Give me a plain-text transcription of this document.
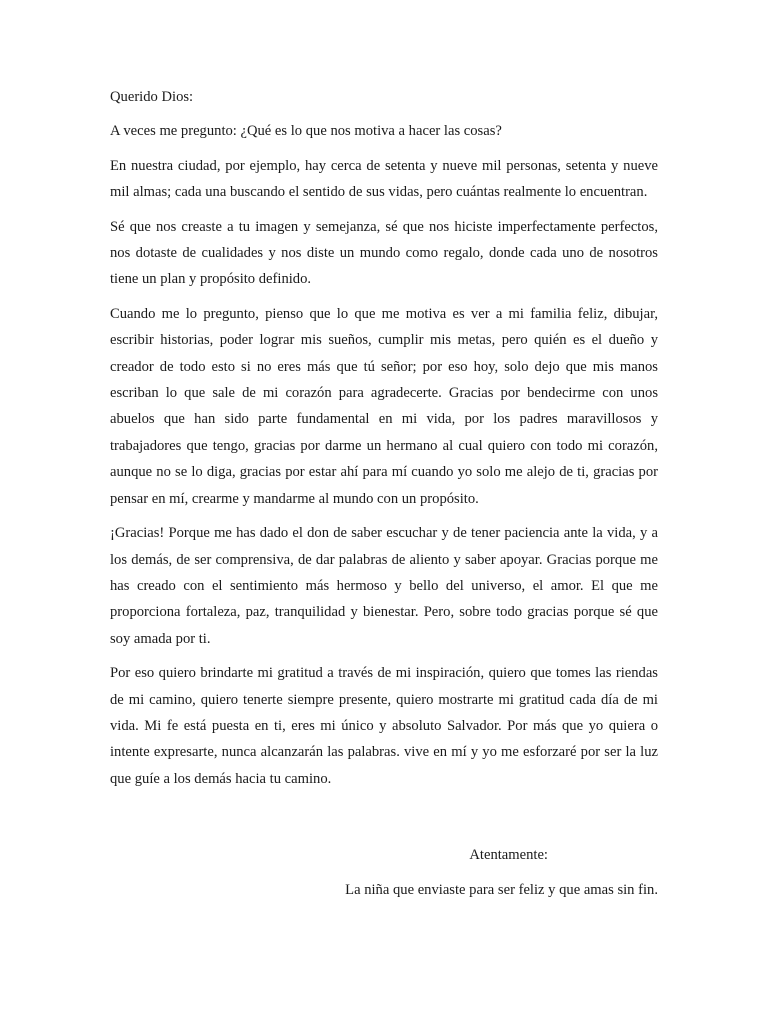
Querido Dios:

A veces me pregunto: ¿Qué es lo que nos motiva a hacer las cosas?

En nuestra ciudad, por ejemplo, hay cerca de setenta y nueve mil personas, setenta y nueve mil almas; cada una buscando el sentido de sus vidas, pero cuántas realmente lo encuentran.

Sé que nos creaste a tu imagen y semejanza, sé que nos hiciste imperfectamente perfectos, nos dotaste de cualidades y nos diste un mundo como regalo, donde cada uno de nosotros tiene un plan y propósito definido.

Cuando me lo pregunto, pienso que lo que me motiva es ver a mi familia feliz, dibujar, escribir historias, poder lograr mis sueños, cumplir mis metas, pero quién es el dueño y creador de todo esto si no eres más que tú señor; por eso hoy, solo dejo que mis manos escriban lo que sale de mi corazón para agradecerte. Gracias por bendecirme con unos abuelos que han sido parte fundamental en mi vida, por los padres maravillosos y trabajadores que tengo, gracias por darme un hermano al cual quiero con todo mi corazón, aunque no se lo diga, gracias por estar ahí para mí cuando yo solo me alejo de ti, gracias por pensar en mí, crearme y mandarme al mundo con un propósito.

¡Gracias! Porque me has dado el don de saber escuchar y de tener paciencia ante la vida, y a los demás, de ser comprensiva, de dar palabras de aliento y saber apoyar. Gracias porque me has creado con el sentimiento más hermoso y bello del universo, el amor. El que me proporciona fortaleza, paz, tranquilidad y bienestar. Pero, sobre todo gracias porque sé que soy amada por ti.

Por eso quiero brindarte mi gratitud a través de mi inspiración, quiero que tomes las riendas de mi camino, quiero tenerte siempre presente, quiero mostrarte mi gratitud cada día de mi vida. Mi fe está puesta en ti, eres mi único y absoluto Salvador. Por más que yo quiera o intente expresarte, nunca alcanzarán las palabras. vive en mí y yo me esforzaré por ser la luz que guíe a los demás hacia tu camino.

Atentamente:

La niña que enviaste para ser feliz y que amas sin fin.
